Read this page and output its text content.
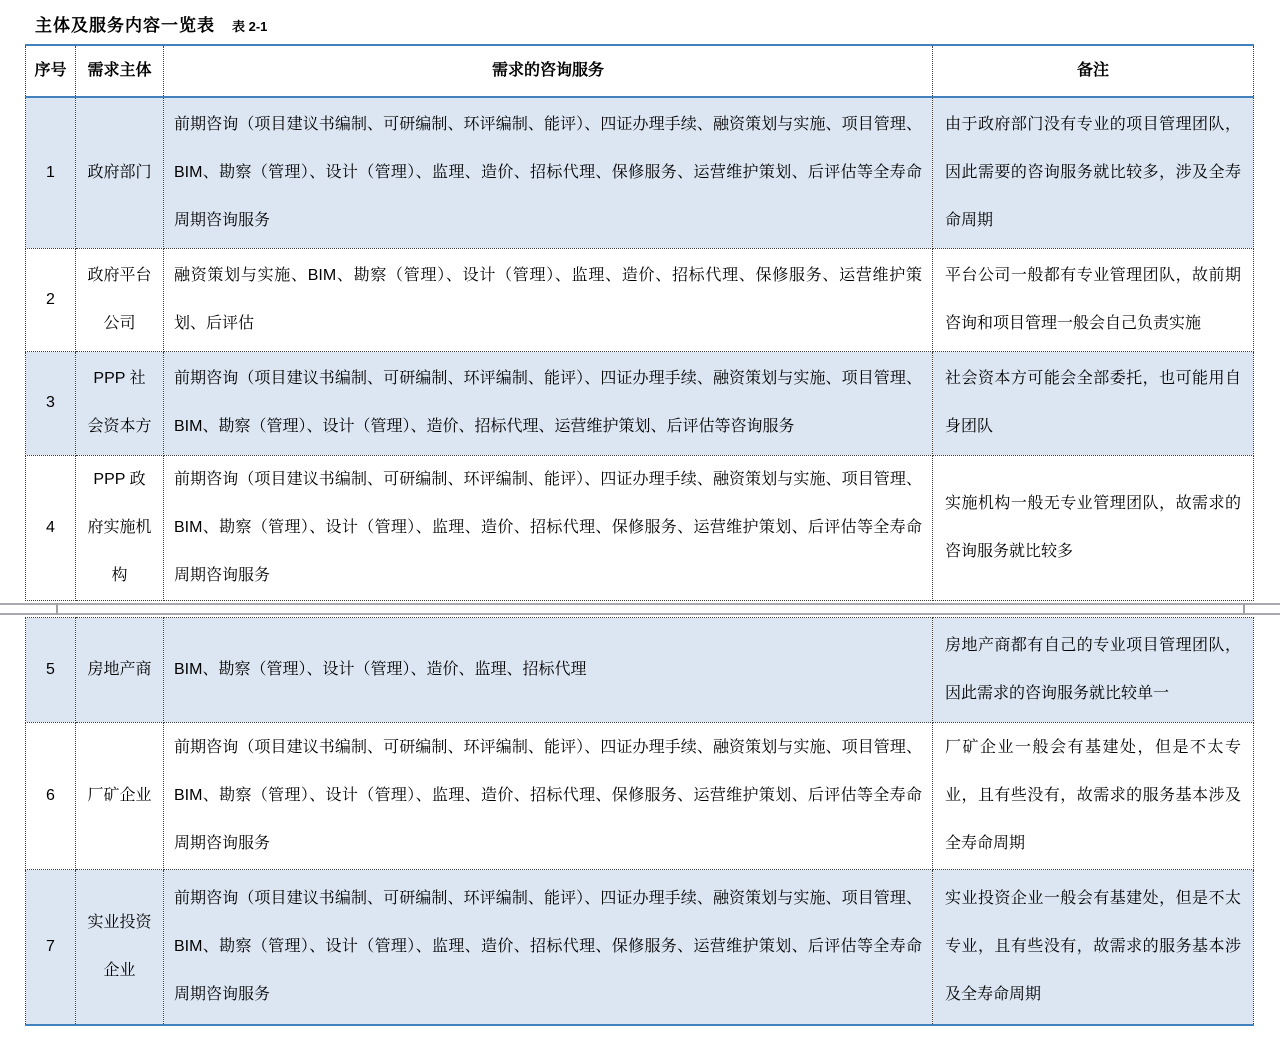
主体及服务内容一览表 表 2-1
序号	需求主体	需求的咨询服务	备注
1	政府部门	前期咨询（项目建议书编制、可研编制、环评编制、能评）、四证办理手续、融资策划与实施、项目管理、BIM、勘察（管理）、设计（管理）、监理、造价、招标代理、保修服务、运营维护策划、后评估等全寿命周期咨询服务	由于政府部门没有专业的项目管理团队，因此需要的咨询服务就比较多，涉及全寿命周期
2	政府平台公司	融资策划与实施、BIM、勘察（管理）、设计（管理）、监理、造价、招标代理、保修服务、运营维护策划、后评估	平台公司一般都有专业管理团队，故前期咨询和项目管理一般会自己负责实施
3	PPP 社会资本方	前期咨询（项目建议书编制、可研编制、环评编制、能评）、四证办理手续、融资策划与实施、项目管理、BIM、勘察（管理）、设计（管理）、造价、招标代理、运营维护策划、后评估等咨询服务	社会资本方可能会全部委托，也可能用自身团队
4	PPP 政府实施机构	前期咨询（项目建议书编制、可研编制、环评编制、能评）、四证办理手续、融资策划与实施、项目管理、BIM、勘察（管理）、设计（管理）、监理、造价、招标代理、保修服务、运营维护策划、后评估等全寿命周期咨询服务	实施机构一般无专业管理团队，故需求的咨询服务就比较多
5	房地产商	BIM、勘察（管理）、设计（管理）、造价、监理、招标代理	房地产商都有自己的专业项目管理团队，因此需求的咨询服务就比较单一
6	厂矿企业	前期咨询（项目建议书编制、可研编制、环评编制、能评）、四证办理手续、融资策划与实施、项目管理、BIM、勘察（管理）、设计（管理）、监理、造价、招标代理、保修服务、运营维护策划、后评估等全寿命周期咨询服务	厂矿企业一般会有基建处，但是不太专业，且有些没有，故需求的服务基本涉及全寿命周期
7	实业投资企业	前期咨询（项目建议书编制、可研编制、环评编制、能评）、四证办理手续、融资策划与实施、项目管理、BIM、勘察（管理）、设计（管理）、监理、造价、招标代理、保修服务、运营维护策划、后评估等全寿命周期咨询服务	实业投资企业一般会有基建处，但是不太专业，且有些没有，故需求的服务基本涉及全寿命周期
